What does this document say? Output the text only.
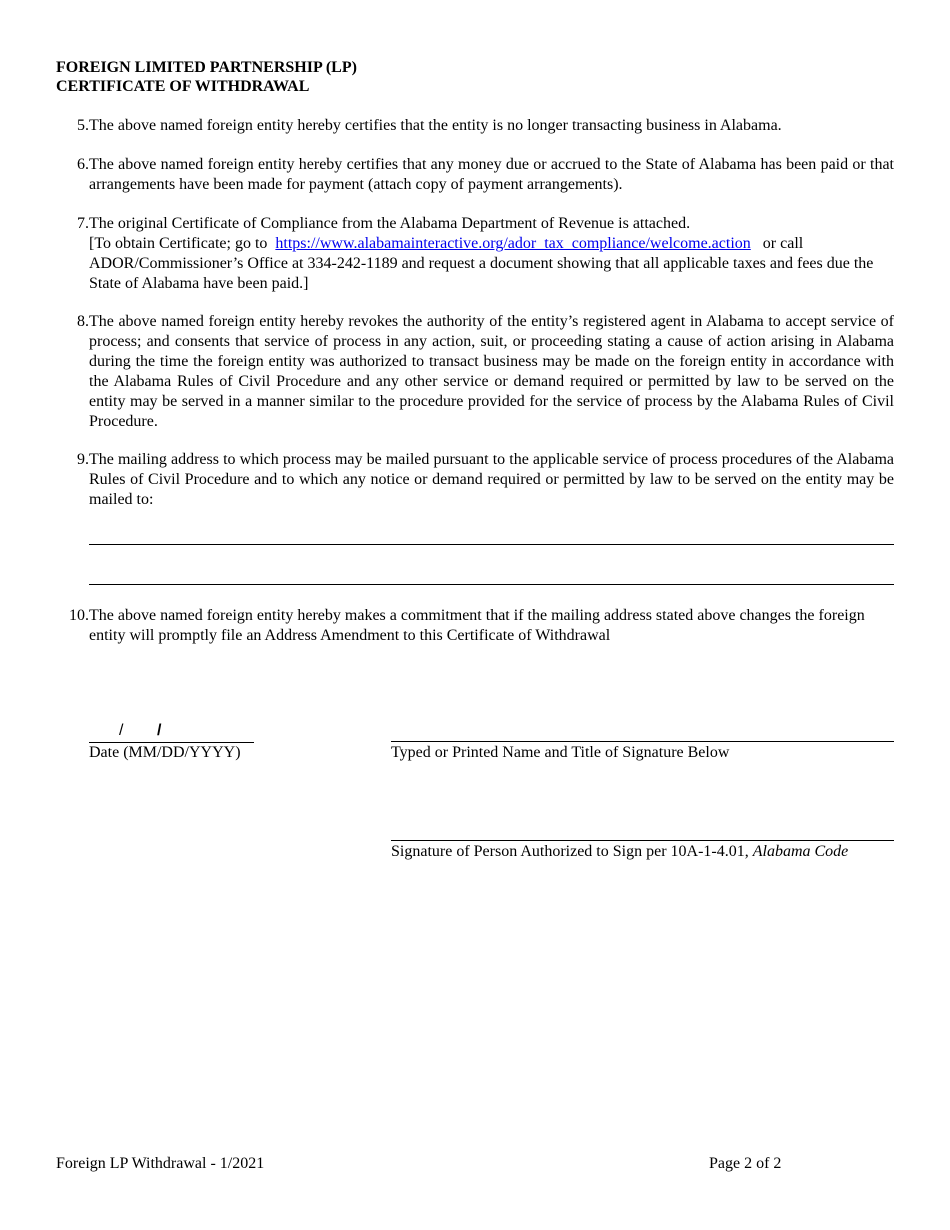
FOREIGN LIMITED PARTNERSHIP (LP)
CERTIFICATE OF WITHDRAWAL
5. The above named foreign entity hereby certifies that the entity is no longer transacting business in Alabama.

6. The above named foreign entity hereby certifies that any money due or accrued to the State of Alabama has been paid or that arrangements have been made for payment (attach copy of payment arrangements).

7. The original Certificate of Compliance from the Alabama Department of Revenue is attached.

[To obtain Certificate; go to https://www.alabamainteractive.org/ador_tax_compliance/welcome.action or call ADOR/Commissioner’s Office at 334-242-1189 and request a document showing that all applicable taxes and fees due the State of Alabama have been paid.]

8. The above named foreign entity hereby revokes the authority of the entity’s registered agent in Alabama to accept service of process; and consents that service of process in any action, suit, or proceeding stating a cause of action arising in Alabama during the time the foreign entity was authorized to transact business may be made on the foreign entity in accordance with the Alabama Rules of Civil Procedure and any other service or demand required or permitted by law to be served on the entity may be served in a manner similar to the procedure provided for the service of process by the Alabama Rules of Civil Procedure.

9. The mailing address to which process may be mailed pursuant to the applicable service of process procedures of the Alabama Rules of Civil Procedure and to which any notice or demand required or permitted by law to be served on the entity may be mailed to:

10. The above named foreign entity hereby makes a commitment that if the mailing address stated above changes the foreign entity will promptly file an Address Amendment to this Certificate of Withdrawal

/ /
Date (MM/DD/YYYY)	Typed or Printed Name and Title of Signature Below
Signature of Person Authorized to Sign per 10A-1-4.01, Alabama Code
Foreign LP Withdrawal - 1/2021	Page 2 of 2
